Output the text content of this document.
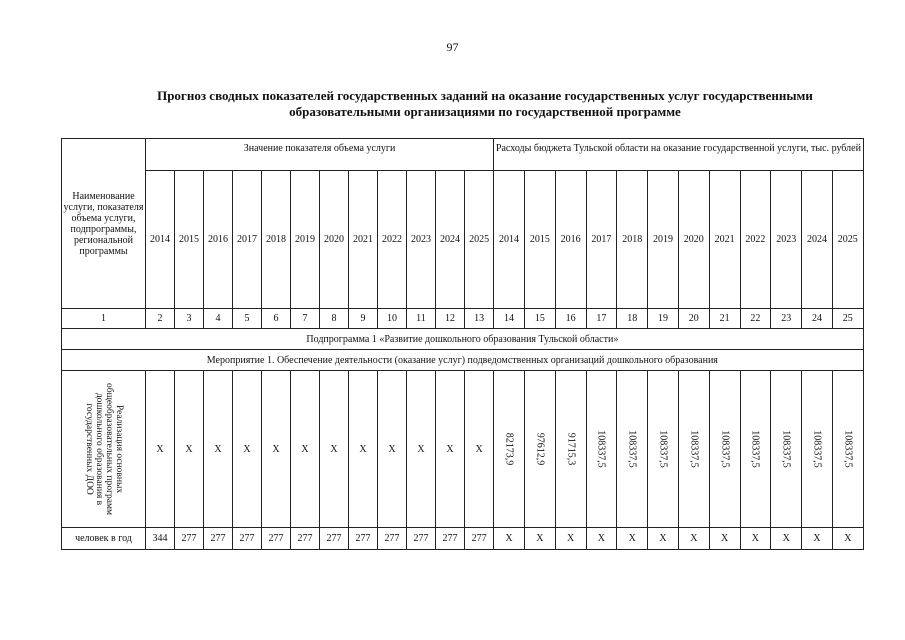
97
Прогноз сводных показателей государственных заданий на оказание государственных услуг государственными
образовательными организациями по государственной программе
Наименование услуги, показателя объема услуги, подпрограммы, региональной программы	Значение показателя объема услуги												Расходы бюджета Тульской области на оказание государственной услуги, тыс. рублей											
	2014	2015	2016	2017	2018	2019	2020	2021	2022	2023	2024	2025	2014	2015	2016	2017	2018	2019	2020	2021	2022	2023	2024	2025
1	2	3	4	5	6	7	8	9	10	11	12	13	14	15	16	17	18	19	20	21	22	23	24	25
Подпрограмма 1 «Развитие дошкольного образования Тульской области»																								
Мероприятие 1. Обеспечение деятельности (оказание услуг) подведомственных организаций дошкольного образования																								

Реализация основных общеобразовательных программ дошкольного образования в государственных ДОО	X	X	X	X	X	X	X	X	X	X	X	X	82173,9	97612,9	91715,3	108337,5	108337,5	108337,5	108337,5	108337,5	108337,5	108337,5	108337,5	108337,5

человек в год	344	277	277	277	277	277	277	277	277	277	277	277	X	X	X	X	X	X	X	X	X	X	X	X
